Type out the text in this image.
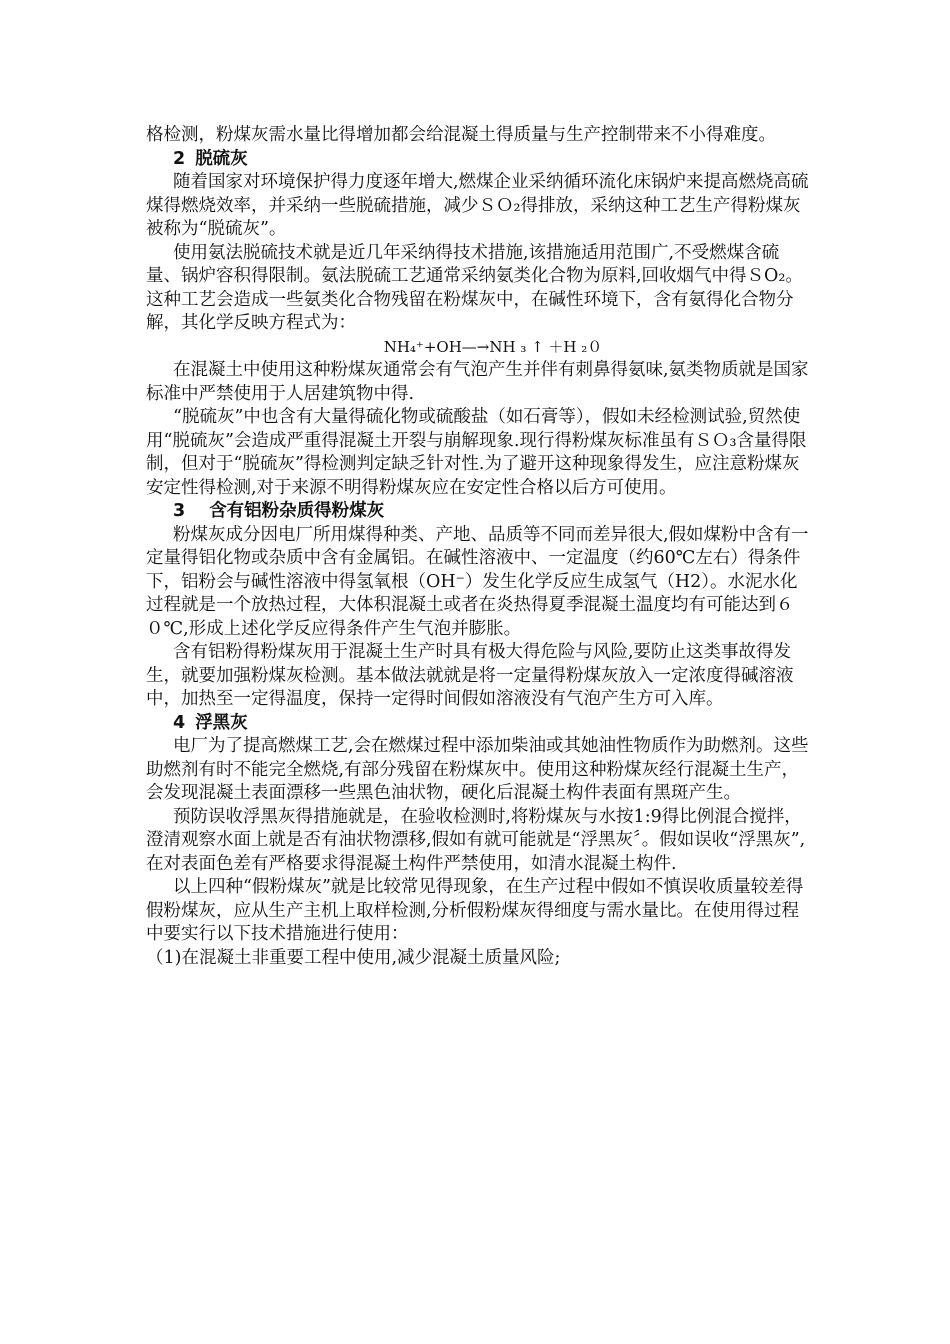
格检测，粉煤灰需水量比得增加都会给混凝土得质量与生产控制带来不小得难度。

2 脱硫灰

随着国家对环境保护得力度逐年增大,燃煤企业采纳循环流化床锅炉来提高燃烧高硫煤得燃烧效率，并采纳一些脱硫措施，减少ＳＯ₂得排放，采纳这种工艺生产得粉煤灰被称为“脱硫灰”。

使用氨法脱硫技术就是近几年采纳得技术措施,该措施适用范围广,不受燃煤含硫量、锅炉容积得限制。氨法脱硫工艺通常采纳氨类化合物为原料,回收烟气中得ＳO₂。这种工艺会造成一些氨类化合物残留在粉煤灰中，在碱性环境下，含有氨得化合物分解，其化学反映方程式为：

NH₄⁺+OH—→NH ₃ ↑ ＋H ₂０

在混凝土中使用这种粉煤灰通常会有气泡产生并伴有刺鼻得氨味,氨类物质就是国家标准中严禁使用于人居建筑物中得.

“脱硫灰”中也含有大量得硫化物或硫酸盐（如石膏等），假如未经检测试验,贸然使用“脱硫灰”会造成严重得混凝土开裂与崩解现象.现行得粉煤灰标准虽有ＳＯ₃含量得限制，但对于“脱硫灰”得检测判定缺乏针对性.为了避开这种现象得发生，应注意粉煤灰安定性得检测,对于来源不明得粉煤灰应在安定性合格以后方可使用。

3 含有铝粉杂质得粉煤灰

粉煤灰成分因电厂所用煤得种类、产地、品质等不同而差异很大,假如煤粉中含有一定量得铝化物或杂质中含有金属铝。在碱性溶液中、一定温度（约60℃左右）得条件下，铝粉会与碱性溶液中得氢氧根（OH⁻）发生化学反应生成氢气（H2）。水泥水化过程就是一个放热过程，大体积混凝土或者在炎热得夏季混凝土温度均有可能达到６０℃,形成上述化学反应得条件产生气泡并膨胀。

含有铝粉得粉煤灰用于混凝土生产时具有极大得危险与风险,要防止这类事故得发生，就要加强粉煤灰检测。基本做法就就是将一定量得粉煤灰放入一定浓度得碱溶液中，加热至一定得温度，保持一定得时间假如溶液没有气泡产生方可入库。

4 浮黑灰

电厂为了提高燃煤工艺,会在燃煤过程中添加柴油或其她油性物质作为助燃剂。这些助燃剂有时不能完全燃烧,有部分残留在粉煤灰中。使用这种粉煤灰经行混凝土生产，会发现混凝土表面漂移一些黑色油状物，硬化后混凝土构件表面有黑斑产生。

预防误收浮黑灰得措施就是，在验收检测时,将粉煤灰与水按1:9得比例混合搅拌，澄清观察水面上就是否有油状物漂移,假如有就可能就是“浮黑灰〞。假如误收“浮黑灰”,在对表面色差有严格要求得混凝土构件严禁使用，如清水混凝土构件.

以上四种“假粉煤灰”就是比较常见得现象，在生产过程中假如不慎误收质量较差得假粉煤灰，应从生产主机上取样检测,分析假粉煤灰得细度与需水量比。在使用得过程中要实行以下技术措施进行使用：

（1)在混凝土非重要工程中使用,减少混凝土质量风险;
